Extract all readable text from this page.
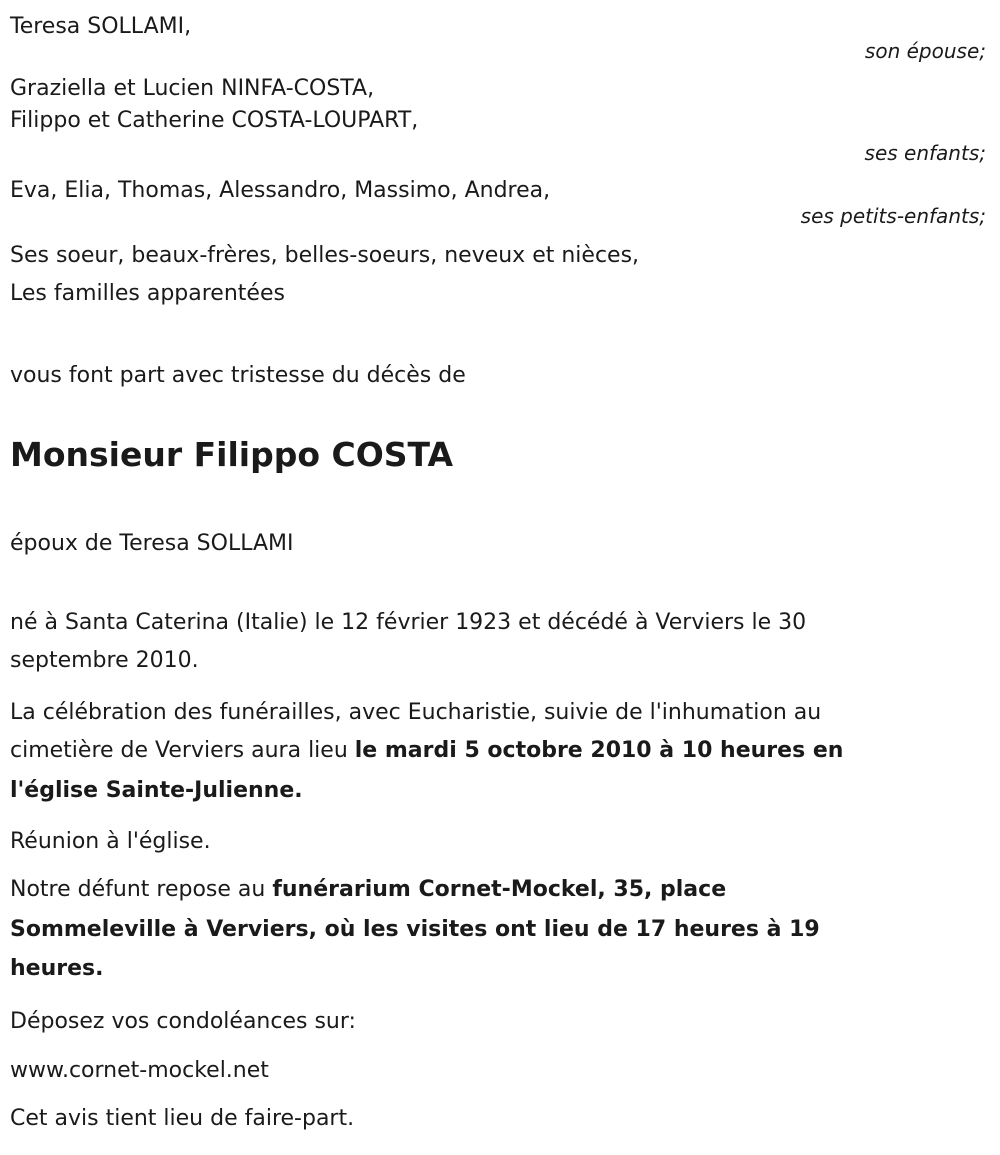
Teresa SOLLAMI,
son épouse;
Graziella et Lucien NINFA-COSTA,
Filippo et Catherine COSTA-LOUPART,
ses enfants;
Eva, Elia, Thomas, Alessandro, Massimo, Andrea,
ses petits-enfants;
Ses soeur, beaux-frères, belles-soeurs, neveux et nièces,
Les familles apparentées
vous font part avec tristesse du décès de
Monsieur Filippo COSTA
époux de Teresa SOLLAMI
né à Santa Caterina (Italie) le 12 février 1923 et décédé à Verviers le 30
septembre 2010.
La célébration des funérailles, avec Eucharistie, suivie de l'inhumation au
cimetière de Verviers aura lieu le mardi 5 octobre 2010 à 10 heures en
l'église Sainte-Julienne.
Réunion à l'église.
Notre défunt repose au funérarium Cornet-Mockel, 35, place
Sommeleville à Verviers, où les visites ont lieu de 17 heures à 19
heures.
Déposez vos condoléances sur:
www.cornet-mockel.net
Cet avis tient lieu de faire-part.
